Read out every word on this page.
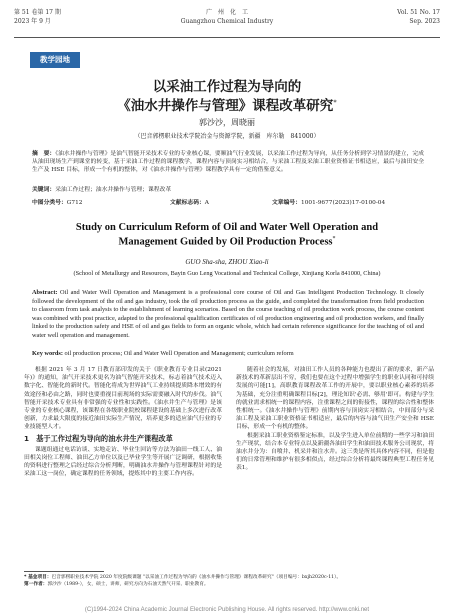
第 51 卷第 17 期
2023 年 9 月
广　州　化　工
Guangzhou Chemical Industry
Vol. 51 No. 17
Sep. 2023
教学园地
以采油工作过程为导向的
《油水井操作与管理》课程改革研究*
郭沙沙，周晓丽
（巴音郭楞职业技术学院冶金与资源学院，新疆　库尔勒　841000）
摘　要：《油水井操作与管理》是油气智能开采技术专业的专业核心课，要顺油气行业发展，以采油工作过程为导向，从任务分析到学习情景的建立，完成从油田现场生产到课堂的转变，基于采油工作过程的课程教学，课程内容与顶岗实习相结合，与采油工程及采油工职业资格证书相适应，最后与油田安全生产及 HSE 目标，形成一个有机的整体，对《油水井操作与管理》课程教学具有一定的借鉴意义。
关键词：采油工作过程；油水井操作与管理；课程改革
中图分类号：G712	文献标志码：A	文章编号：1001-9677(2023)17-0100-04
Study on Curriculum Reform of Oil and Water Well Operation and
Management Guided by Oil Production Process*
GUO Sha-sha, ZHOU Xiao-li
(School of Metallurgy and Resources, Bayin Guo Leng Vocational and Technical College, Xinjiang Korla 841000, China)
Abstract: Oil and Water Well Operation and Management is a professional core course of Oil and Gas Intelligent Production Technology. It closely followed the development of the oil and gas industry, took the oil production process as the guide, and completed the transformation from field production to classroom from task analysis to the establishment of learning scenarios. Based on the course teaching of oil production work process, the course content was combined with post practice, adapted to the professional qualification certificates of oil production engineering and oil production workers, and finally linked to the production safety and HSE of oil and gas fields to form an organic whole, which had certain reference significance for the teaching of oil and water well operation and management.
Key words: oil production process; Oil and Water Well Operation and Management; curriculum reform

根据 2021 年 3 月 17 日教育部印发的关于《职业教育专业目录(2021 年)》的通知，油气开采技术更名为油气智能开采技术，标志着油气技术迈入数字化、智能化的新时代。智能化将成为世界油气工业持续提质降本增效的有效途径和必由之路，同时也要重视目前现场的实际需要融入时代的步伐。油气智能开采技术专业具有非常强的专业性和实践性。《油水井生产与管理》是该专业的专业核心课程，该课程在各级职业院校课程建设的基础上多次进行改革创新，力求最大限度的接近油田实际生产情况，培养更多的适应油气行业的专业技能型人才。

1　基于工作过程为导向的油水井生产课程改革

课题组通过电话访谈、实地走访、毕业生回访等方法为油田一线工人、油田相关岗位工程师、油田乙方单位以及已毕业学生等开展广泛调研，根据收集的资料进行整理之后经过综合分析判断，明确油水井操作与管理课程针对的是采油工这一岗位，确定课程的任务领域，提炼其中的主要工作内容。

随着社会的发展，对油田工作人员的各种能力也提出了新的要求，新产品新技术的革新层出不穷，我们也要在这个过程中增强学生的职业认同和可持续发展的可能[1]，高职教育课程改革工作的开展中，要以职业核心素养的培养为基础，充分注重明确课程目标[2]，理论知识'必需、够用'即可。构建与学生的就业需求相统一的课程内容，注重课程之间的衔接性，课程的综合性和整体性相统一。《油水井操作与管理》前期内容与顶岗实习相结合，中间部分与采油工程及采油工职业资格证书相适应，最后的内容与油气田生产安全和 HSE 目标，形成一个有机的整体。

根据采油工职业资格鉴定标准，以及学生进入单位前期的一些学习和油田生产现状，结合本专业特点以及新疆各油田学生和油田技术服务公司现状，将油水井分为：自喷井、机采井和注水井。这三类是所其具体内容不同，但是他们的日常管理和维护有很多相似点，经过综合分析将最终课程典型工程任务见表1。

* 基金项目：巴音郭楞职业技术学院 2020 年度院级课题 "以采油工作过程为导向的《油水井操作与管理》课程改革研究"（项目编号：bxjh2020c-11）。

第一作者：郭沙沙（1989-），女，硕士，讲师，研究方向为石油天然气开采、职业教育。

(C)1994-2024 China Academic Journal Electronic Publishing House. All rights reserved. http://www.cnki.net
